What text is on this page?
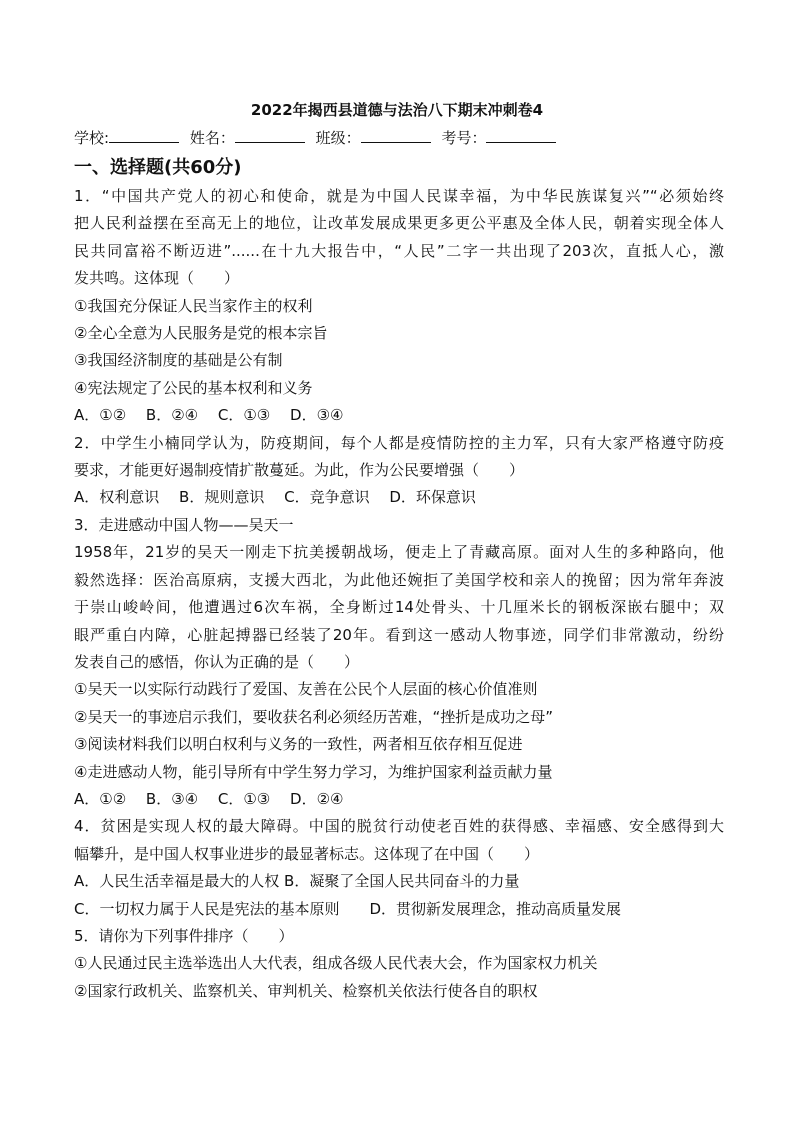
2022年揭西县道德与法治八下期末冲刺卷4
学校:	姓名：	班级：	考号：
一、选择题(共60分)
1．“中国共产党人的初心和使命，就是为中国人民谋幸福，为中华民族谋复兴”“必须始终
把人民利益摆在至高无上的地位，让改革发展成果更多更公平惠及全体人民，朝着实现全体人
民共同富裕不断迈进”......在十九大报告中，“人民”二字一共出现了203次，直抵人心，激
发共鸣。这体现（　　）
①我国充分保证人民当家作主的权利
②全心全意为人民服务是党的根本宗旨
③我国经济制度的基础是公有制
④宪法规定了公民的基本权利和义务
A．①②　 B．②④　 C．①③　 D．③④
2．中学生小楠同学认为，防疫期间，每个人都是疫情防控的主力军，只有大家严格遵守防疫
要求，才能更好遏制疫情扩散蔓延。为此，作为公民要增强（　　）
A．权利意识　 B．规则意识　 C．竞争意识　 D．环保意识
3．走进感动中国人物——吴天一
1958年，21岁的吴天一刚走下抗美援朝战场，便走上了青藏高原。面对人生的多种路向，他
毅然选择：医治高原病，支援大西北，为此他还婉拒了美国学校和亲人的挽留；因为常年奔波
于崇山峻岭间，他遭遇过6次车祸，全身断过14处骨头、十几厘米长的钢板深嵌右腿中；双
眼严重白内障，心脏起搏器已经装了20年。看到这一感动人物事迹，同学们非常激动，纷纷
发表自己的感悟，你认为正确的是（　　）
①吴天一以实际行动践行了爱国、友善在公民个人层面的核心价值准则
②吴天一的事迹启示我们，要收获名利必须经历苦难，“挫折是成功之母”
③阅读材料我们以明白权利与义务的一致性，两者相互依存相互促进
④走进感动人物，能引导所有中学生努力学习，为维护国家利益贡献力量
A．①②　 B．③④　 C．①③　 D．②④
4．贫困是实现人权的最大障碍。中国的脱贫行动使老百姓的获得感、幸福感、安全感得到大
幅攀升，是中国人权事业进步的最显著标志。这体现了在中国（　　）
A．人民生活幸福是最大的人权 B．凝聚了全国人民共同奋斗的力量
C．一切权力属于人民是宪法的基本原则　　D．贯彻新发展理念，推动高质量发展
5．请你为下列事件排序（　　）
①人民通过民主选举选出人大代表，组成各级人民代表大会，作为国家权力机关
②国家行政机关、监察机关、审判机关、检察机关依法行使各自的职权
